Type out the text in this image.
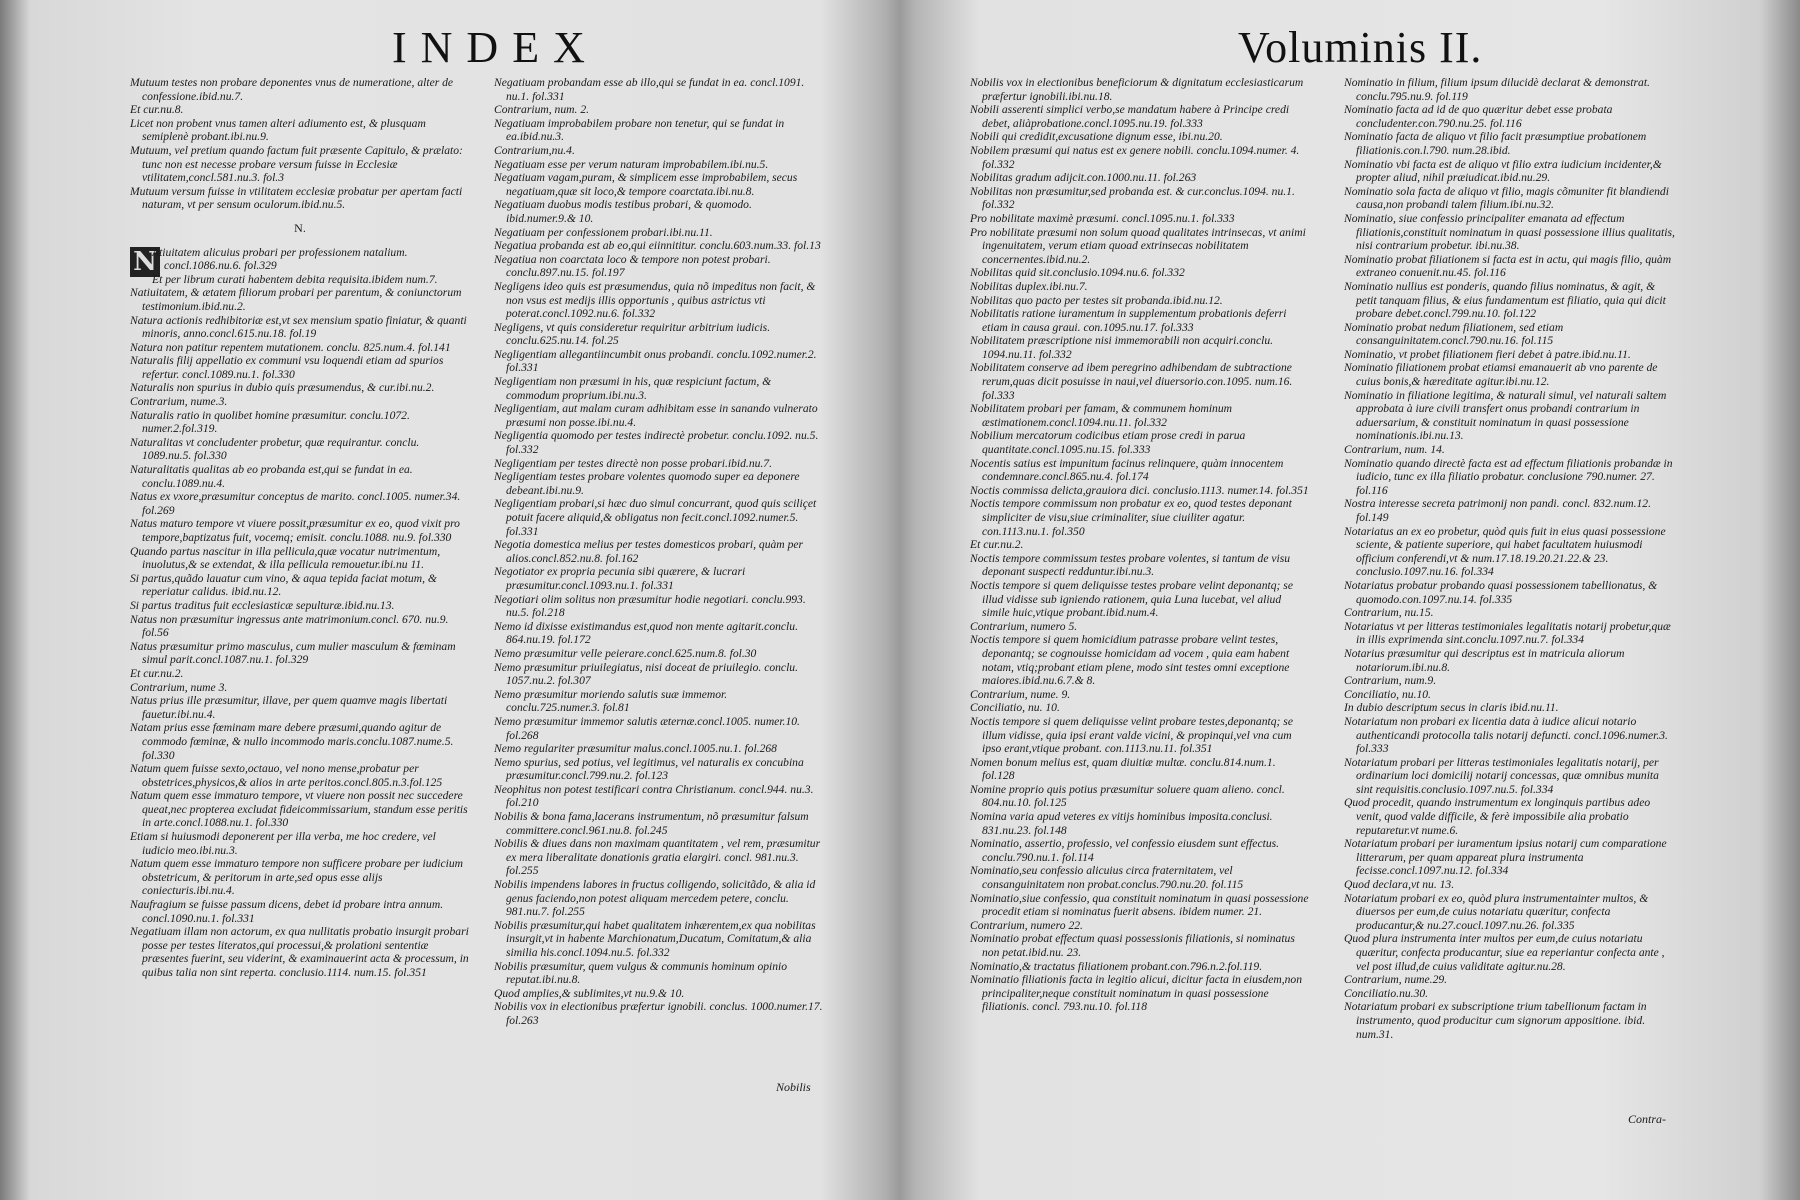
INDEX
Mutuum testes non probare deponentes vnus de numeratione, alter de confessione.ibid.nu.7.
Et cur.nu.8.
Licet non probent vnus tamen alteri adiumento est, & plusquam semiplenè probant.ibi.nu.9.
Mutuum, vel pretium quando factum fuit præsente Capitulo, & prælato: tunc non est necesse probare versum fuisse in Ecclesiæ vtilitatem,concl.581.nu.3. fol.3
Mutuum versum fuisse in vtilitatem ecclesiæ probatur per apertam facti naturam, vt per sensum oculorum.ibid.nu.5.
N.
N
Atiuitatem alicuius probari per professionem natalium. concl.1086.nu.6. fol.329
Et per librum curati habentem debita requisita.ibidem num.7.
Natiuitatem, & ætatem filiorum probari per parentum, & coniunctorum testimonium.ibid.nu.2.
Natura actionis redhibitoriæ est,vt sex mensium spatio finiatur, & quanti minoris, anno.concl.615.nu.18. fol.19
Natura non patitur repentem mutationem. conclu. 825.num.4. fol.141
Naturalis filij appellatio ex communi vsu loquendi etiam ad spurios refertur. concl.1089.nu.1. fol.330
Naturalis non spurius in dubio quis præsumendus, & cur.ibi.nu.2.
Contrarium, nume.3.
Naturalis ratio in quolibet homine præsumitur. conclu.1072. numer.2.fol.319.
Naturalitas vt concludenter probetur, quæ requirantur. conclu. 1089.nu.5. fol.330
Naturalitatis qualitas ab eo probanda est,qui se fundat in ea. conclu.1089.nu.4.
Natus ex vxore,præsumitur conceptus de marito. concl.1005. numer.34. fol.269
Natus maturo tempore vt viuere possit,præsumitur ex eo, quod vixit pro tempore,baptizatus fuit, vocemq; emisit. conclu.1088. nu.9. fol.330
Quando partus nascitur in illa pellicula,quæ vocatur nutrimentum, inuolutus,& se extendat, & illa pellicula remouetur.ibi.nu 11.
Si partus,quãdo lauatur cum vino, & aqua tepida faciat motum, & reperiatur calidus. ibid.nu.12.
Si partus traditus fuit ecclesiasticæ sepulturæ.ibid.nu.13.
Natus non præsumitur ingressus ante matrimonium.concl. 670. nu.9. fol.56
Natus præsumitur primo masculus, cum mulier masculum & fœminam simul parit.concl.1087.nu.1. fol.329
Et cur.nu.2.
Contrarium, nume 3.
Natus prius ille præsumitur, illave, per quem quamve magis libertati fauetur.ibi.nu.4.
Natam prius esse fœminam mare debere præsumi,quando agitur de commodo fœminæ, & nullo incommodo maris.conclu.1087.nume.5. fol.330
Natum quem fuisse sexto,octauo, vel nono mense,probatur per obstetrices,physicos,& alios in arte peritos.concl.805.n.3.fol.125
Natum quem esse immaturo tempore, vt viuere non possit nec succedere queat,nec propterea excludat fideicommissarium, standum esse peritis in arte.concl.1088.nu.1. fol.330
Etiam si huiusmodi deponerent per illa verba, me hoc credere, vel iudicio meo.ibi.nu.3.
Natum quem esse immaturo tempore non sufficere probare per iudicium obstetricum, & peritorum in arte,sed opus esse alijs coniecturis.ibi.nu.4.
Naufragium se fuisse passum dicens, debet id probare intra annum. concl.1090.nu.1. fol.331
Negatiuam illam non actorum, ex qua nullitatis probatio insurgit probari posse per testes literatos,qui processui,& prolationi sententiæ præsentes fuerint, seu viderint, & examinauerint acta & processum, in quibus talia non sint reperta. conclusio.1114. num.15. fol.351
Negatiuam probandam esse ab illo,qui se fundat in ea. concl.1091. nu.1. fol.331
Contrarium, num. 2.
Negatiuam improbabilem probare non tenetur, qui se fundat in ea.ibid.nu.3.
Contrarium,nu.4.
Negatiuam esse per verum naturam improbabilem.ibi.nu.5.
Negatiuam vagam,puram, & simplicem esse improbabilem, secus negatiuam,quæ sit loco,& tempore coarctata.ibi.nu.8.
Negatiuam duobus modis testibus probari, & quomodo. ibid.numer.9.& 10.
Negatiuam per confessionem probari.ibi.nu.11.
Negatiua probanda est ab eo,qui eiinnititur. conclu.603.num.33. fol.13
Negatiua non coarctata loco & tempore non potest probari. conclu.897.nu.15. fol.197
Negligens ideo quis est præsumendus, quia nõ impeditus non facit, & non vsus est medijs illis opportunis , quibus astrictus vti poterat.concl.1092.nu.6. fol.332
Negligens, vt quis consideretur requiritur arbitrium iudicis. conclu.625.nu.14. fol.25
Negligentiam allegantiincumbit onus probandi. conclu.1092.numer.2. fol.331
Negligentiam non præsumi in his, quæ respiciunt factum, & commodum proprium.ibi.nu.3.
Negligentiam, aut malam curam adhibitam esse in sanando vulnerato præsumi non posse.ibi.nu.4.
Negligentia quomodo per testes indirectè probetur. conclu.1092. nu.5. fol.332
Negligentiam per testes directè non posse probari.ibid.nu.7.
Negligentiam testes probare volentes quomodo super ea deponere debeant.ibi.nu.9.
Negligentiam probari,si hæc duo simul concurrant, quod quis sciliçet potuit facere aliquid,& obligatus non fecit.concl.1092.numer.5. fol.331
Negotia domestica melius per testes domesticos probari, quàm per alios.concl.852.nu.8. fol.162
Negotiator ex propria pecunia sibi quærere, & lucrari præsumitur.concl.1093.nu.1. fol.331
Negotiari olim solitus non præsumitur hodie negotiari. conclu.993. nu.5. fol.218
Nemo id dixisse existimandus est,quod non mente agitarit.conclu. 864.nu.19. fol.172
Nemo præsumitur velle peierare.concl.625.num.8. fol.30
Nemo præsumitur priuilegiatus, nisi doceat de priuilegio. conclu. 1057.nu.2. fol.307
Nemo præsumitur moriendo salutis suæ immemor. conclu.725.numer.3. fol.81
Nemo præsumitur immemor salutis æternæ.concl.1005. numer.10. fol.268
Nemo regulariter præsumitur malus.concl.1005.nu.1. fol.268
Nemo spurius, sed potius, vel legitimus, vel naturalis ex concubina præsumitur.concl.799.nu.2. fol.123
Neophitus non potest testificari contra Christianum. concl.944. nu.3. fol.210
Nobilis & bona fama,lacerans instrumentum, nõ præsumitur falsum committere.concl.961.nu.8. fol.245
Nobilis & diues dans non maximam quantitatem , vel rem, præsumitur ex mera liberalitate donationis gratia elargiri. concl. 981.nu.3. fol.255
Nobilis impendens labores in fructus colligendo, solicitãdo, & alia id genus faciendo,non potest aliquam mercedem petere, conclu. 981.nu.7. fol.255
Nobilis præsumitur,qui habet qualitatem inhærentem,ex qua nobilitas insurgit,vt in habente Marchionatum,Ducatum, Comitatum,& alia similia his.concl.1094.nu.5. fol.332
Nobilis præsumitur, quem vulgus & communis hominum opinio reputat.ibi.nu.8.
Quod amplies,& sublimites,vt nu.9.& 10.
Nobilis vox in electionibus præfertur ignobili. conclus. 1000.numer.17. fol.263
Nobilis
Voluminis II.
Nobilis vox in electionibus beneficiorum & dignitatum ecclesiasticarum præfertur ignobili.ibi.nu.18.
Nobili asserenti simplici verbo,se mandatum habere à Principe credi debet, aliàprobatione.concl.1095.nu.19. fol.333
Nobili qui credidit,excusatione dignum esse, ibi.nu.20.
Nobilem præsumi qui natus est ex genere nobili. conclu.1094.numer. 4. fol.332
Nobilitas gradum adijcit.con.1000.nu.11. fol.263
Nobilitas non præsumitur,sed probanda est. & cur.conclus.1094. nu.1. fol.332
Pro nobilitate maximè præsumi. concl.1095.nu.1. fol.333
Pro nobilitate præsumi non solum quoad qualitates intrinsecas, vt animi ingenuitatem, verum etiam quoad extrinsecas nobilitatem concernentes.ibid.nu.2.
Nobilitas quid sit.conclusio.1094.nu.6. fol.332
Nobilitas duplex.ibi.nu.7.
Nobilitas quo pacto per testes sit probanda.ibid.nu.12.
Nobilitatis ratione iuramentum in supplementum probationis deferri etiam in causa graui. con.1095.nu.17. fol.333
Nobilitatem præscriptione nisi immemorabili non acquiri.conclu. 1094.nu.11. fol.332
Nobilitatem conserve ad ibem peregrino adhibendam de subtractione rerum,quas dicit posuisse in naui,vel diuersorio.con.1095. num.16. fol.333
Nobilitatem probari per famam, & communem hominum æstimationem.concl.1094.nu.11. fol.332
Nobilium mercatorum codicibus etiam prose credi in parua quantitate.concl.1095.nu.15. fol.333
Nocentis satius est impunitum facinus relinquere, quàm innocentem condemnare.concl.865.nu.4. fol.174
Noctis commissa delicta,grauiora dici. conclusio.1113. numer.14. fol.351
Noctis tempore commissum non probatur ex eo, quod testes deponant simpliciter de visu,siue criminaliter, siue ciuiliter agatur. con.1113.nu.1. fol.350
Et cur.nu.2.
Noctis tempore commissum testes probare volentes, si tantum de visu deponant suspecti redduntur.ibi.nu.3.
Noctis tempore si quem deliquisse testes probare velint deponantq; se illud vidisse sub igniendo rationem, quia Luna lucebat, vel aliud simile huic,vtique probant.ibid.num.4.
Contrarium, numero 5.
Noctis tempore si quem homicidium patrasse probare velint testes, deponantq; se cognouisse homicidam ad vocem , quia eam habent notam, vtiq;probant etiam plene, modo sint testes omni exceptione maiores.ibid.nu.6.7.& 8.
Contrarium, nume. 9.
Conciliatio, nu. 10.
Noctis tempore si quem deliquisse velint probare testes,deponantq; se illum vidisse, quia ipsi erant valde vicini, & propinqui,vel vna cum ipso erant,vtique probant. con.1113.nu.11. fol.351
Nomen bonum melius est, quam diuitiæ multæ. conclu.814.num.1. fol.128
Nomine proprio quis potius præsumitur soluere quam alieno. concl. 804.nu.10. fol.125
Nomina varia apud veteres ex vitijs hominibus imposita.conclusi. 831.nu.23. fol.148
Nominatio, assertio, professio, vel confessio eiusdem sunt effectus. conclu.790.nu.1. fol.114
Nominatio,seu confessio alicuius circa fraternitatem, vel consanguinitatem non probat.conclus.790.nu.20. fol.115
Nominatio,siue confessio, qua constituit nominatum in quasi possessione procedit etiam si nominatus fuerit absens. ibidem numer. 21.
Contrarium, numero 22.
Nominatio probat effectum quasi possessionis filiationis, si nominatus non petat.ibid.nu. 23.
Nominatio,& tractatus filiationem probant.con.796.n.2.fol.119.
Nominatio filiationis facta in legitio alicui, dicitur facta in eiusdem,non principaliter,neque constituit nominatum in quasi possessione filiationis. concl. 793.nu.10. fol.118
Nominatio in filium, filium ipsum dilucidè declarat & demonstrat. conclu.795.nu.9. fol.119
Nominatio facta ad id de quo quæritur debet esse probata concludenter.con.790.nu.25. fol.116
Nominatio facta de aliquo vt filio facit præsumptiue probationem filiationis.con.l.790. num.28.ibid.
Nominatio vbi facta est de aliquo vt filio extra iudicium incidenter,& propter aliud, nihil præiudicat.ibid.nu.29.
Nominatio sola facta de aliquo vt filio, magis cõmuniter fit blandiendi causa,non probandi talem filium.ibi.nu.32.
Nominatio, siue confessio principaliter emanata ad effectum filiationis,constituit nominatum in quasi possessione illius qualitatis, nisi contrarium probetur. ibi.nu.38.
Nominatio probat filiationem si facta est in actu, qui magis filio, quàm extraneo conuenit.nu.45. fol.116
Nominatio nullius est ponderis, quando filius nominatus, & agit, & petit tanquam filius, & eius fundamentum est filiatio, quia qui dicit probare debet.concl.799.nu.10. fol.122
Nominatio probat nedum filiationem, sed etiam consanguinitatem.concl.790.nu.16. fol.115
Nominatio, vt probet filiationem fieri debet à patre.ibid.nu.11.
Nominatio filiationem probat etiamsi emanauerit ab vno parente de cuius bonis,& hæreditate agitur.ibi.nu.12.
Nominatio in filiatione legitima, & naturali simul, vel naturali saltem approbata à iure civili transfert onus probandi contrarium in aduersarium, & constituit nominatum in quasi possessione nominationis.ibi.nu.13.
Contrarium, num. 14.
Nominatio quando directè facta est ad effectum filiationis probandæ in iudicio, tunc ex illa filiatio probatur. conclusione 790.numer. 27. fol.116
Nostra interesse secreta patrimonij non pandi. concl. 832.num.12. fol.149
Notariatus an ex eo probetur, quòd quis fuit in eius quasi possessione sciente, & patiente superiore, qui habet facultatem huiusmodi officium conferendi,vt & num.17.18.19.20.21.22.& 23. conclusio.1097.nu.16. fol.334
Notariatus probatur probando quasi possessionem tabellionatus, & quomodo.con.1097.nu.14. fol.335
Contrarium, nu.15.
Notariatus vt per litteras testimoniales legalitatis notarij probetur,quæ in illis exprimenda sint.conclu.1097.nu.7. fol.334
Notarius præsumitur qui descriptus est in matricula aliorum notariorum.ibi.nu.8.
Contrarium, num.9.
Conciliatio, nu.10.
In dubio descriptum secus in claris ibid.nu.11.
Notariatum non probari ex licentia data à iudice alicui notario authenticandi protocolla talis notarij defuncti. concl.1096.numer.3. fol.333
Notariatum probari per litteras testimoniales legalitatis notarij, per ordinarium loci domicilij notarij concessas, quæ omnibus munita sint requisitis.conclusio.1097.nu.5. fol.334
Quod procedit, quando instrumentum ex longinquis partibus adeo venit, quod valde difficile, & ferè impossibile alia probatio reputaretur.vt nume.6.
Notariatum probari per iuramentum ipsius notarij cum comparatione litterarum, per quam appareat plura instrumenta fecisse.concl.1097.nu.12. fol.334
Quod declara,vt nu. 13.
Notariatum probari ex eo, quòd plura instrumentainter multos, & diuersos per eum,de cuius notariatu quæritur, confecta producantur,& nu.27.coucl.1097.nu.26. fol.335
Quod plura instrumenta inter multos per eum,de cuius notariatu quæritur, confecta producantur, siue ea reperiantur confecta ante , vel post illud,de cuius validitate agitur.nu.28.
Contrarium, nume.29.
Conciliatio.nu.30.
Notariatum probari ex subscriptione trium tabellionum factam in instrumento, quod producitur cum signorum appositione. ibid. num.31.
Contra-
